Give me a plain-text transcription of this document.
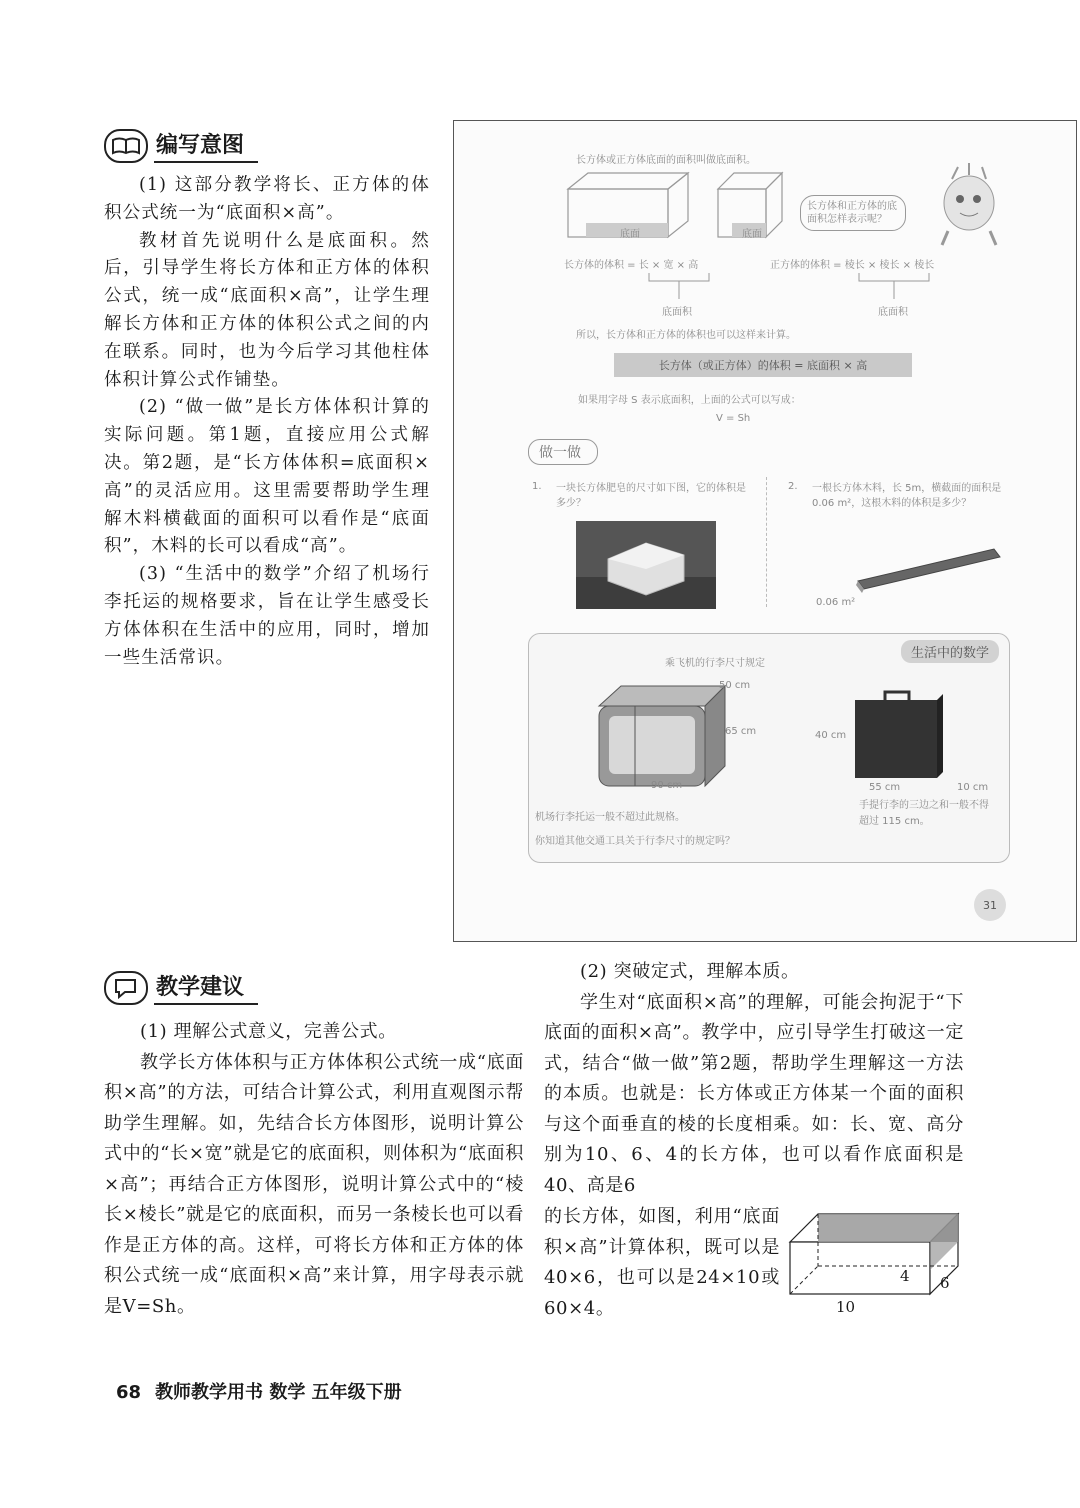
编写意图

(1) 这部分教学将长、正方体的体积公式统一为“底面积×高”。

教材首先说明什么是底面积。然后，引导学生将长方体和正方体的体积公式，统一成“底面积×高”，让学生理解长方体和正方体的体积公式之间的内在联系。同时，也为今后学习其他柱体体积计算公式作铺垫。

(2) “做一做”是长方体体积计算的实际问题。第1题，直接应用公式解决。第2题，是“长方体体积=底面积×高”的灵活应用。这里需要帮助学生理解木料横截面的面积可以看作是“底面积”，木料的长可以看成“高”。

(3) “生活中的数学”介绍了机场行李托运的规格要求，旨在让学生感受长方体体积在生活中的应用，同时，增加一些生活常识。

长方体或正方体底面的面积叫做底面积。
底面	底面
长方体和正方体的底面积怎样表示呢？
长方体的体积 = 长 × 宽 × 高	正方体的体积 = 棱长 × 棱长 × 棱长
底面积	底面积
所以，长方体和正方体的体积也可以这样来计算。
长方体（或正方体）的体积 = 底面积 × 高
如果用字母 S 表示底面积，上面的公式可以写成：
V = Sh
做一做
1. 一块长方体肥皂的尺寸如下图，它的体积是多少？
2. 一根长方体木料，长 5m，横截面的面积是 0.06 m²，这根木料的体积是多少？
0.06 m²
生活中的数学
乘飞机的行李尺寸规定
50 cm
65 cm
90 cm
40 cm
55 cm	10 cm
机场行李托运一般不超过此规格。
你知道其他交通工具关于行李尺寸的规定吗？
手提行李的三边之和一般不得超过 115 cm。
31
教学建议

(1) 理解公式意义，完善公式。

教学长方体体积与正方体体积公式统一成“底面积×高”的方法，可结合计算公式，利用直观图示帮助学生理解。如，先结合长方体图形，说明计算公式中的“长×宽”就是它的底面积，则体积为“底面积×高”；再结合正方体图形，说明计算公式中的“棱长×棱长”就是它的底面积，而另一条棱长也可以看作是正方体的高。这样，可将长方体和正方体的体积公式统一成“底面积×高”来计算，用字母表示就是V=Sh。

(2) 突破定式，理解本质。

学生对“底面积×高”的理解，可能会拘泥于“下底面的面积×高”。教学中，应引导学生打破这一定式，结合“做一做”第2题，帮助学生理解这一方法的本质。也就是：长方体或正方体某一个面的面积与这个面垂直的棱的长度相乘。如：长、宽、高分别为10、6、4的长方体，也可以看作底面积是40、高是6

的长方体，如图，利用“底面积×高”计算体积，既可以是40×6，也可以是24×10或60×4。

4 6
10
68 教师教学用书 数学 五年级下册
